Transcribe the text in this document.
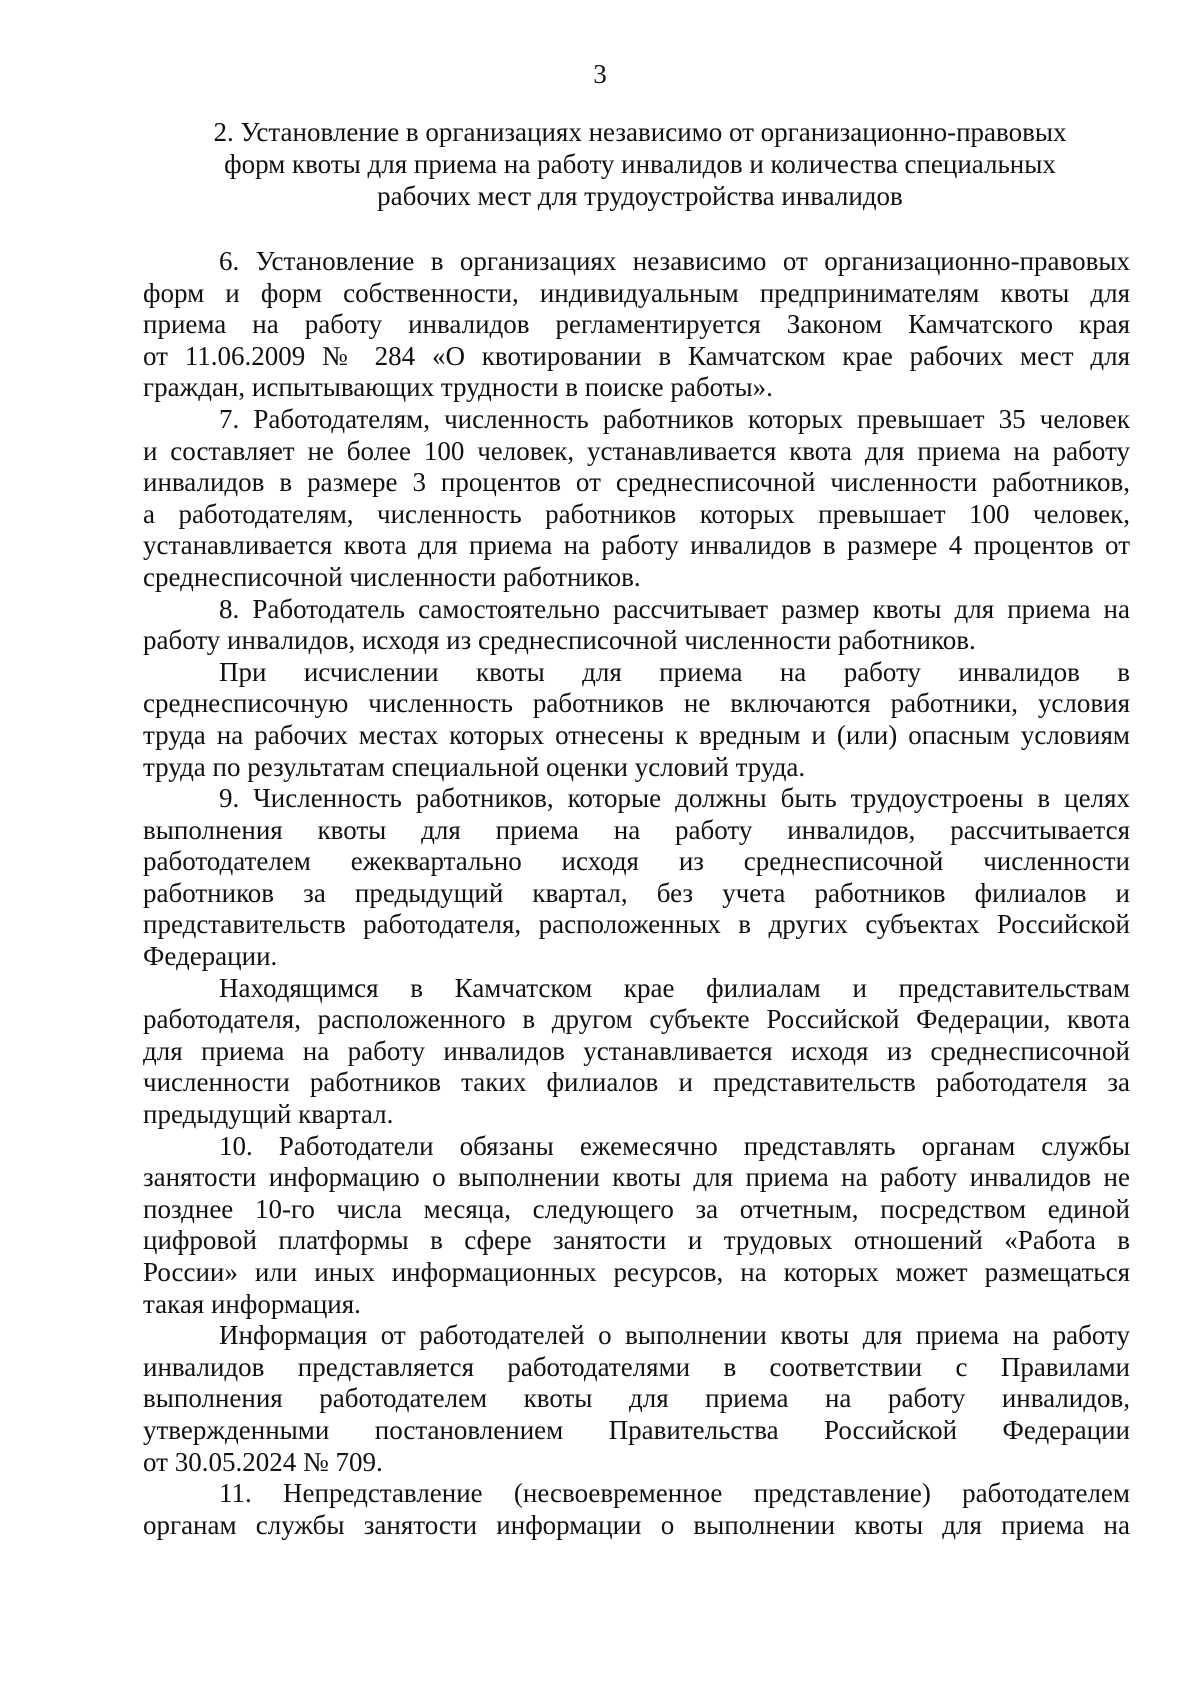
3
2. Установление в организациях независимо от организационно-правовых
форм квоты для приема на работу инвалидов и количества специальных
рабочих мест для трудоустройства инвалидов

6. Установление в организациях независимо от организационно-правовых
форм и форм собственности, индивидуальным предпринимателям квоты для
приема на работу инвалидов регламентируется Законом Камчатского края
от 11.06.2009 № 284 «О квотировании в Камчатском крае рабочих мест для
граждан, испытывающих трудности в поиске работы».

7. Работодателям, численность работников которых превышает 35 человек
и составляет не более 100 человек, устанавливается квота для приема на работу
инвалидов в размере 3 процентов от среднесписочной численности работников,
а работодателям, численность работников которых превышает 100 человек,
устанавливается квота для приема на работу инвалидов в размере 4 процентов от
среднесписочной численности работников.

8. Работодатель самостоятельно рассчитывает размер квоты для приема на
работу инвалидов, исходя из среднесписочной численности работников.

При исчислении квоты для приема на работу инвалидов в
среднесписочную численность работников не включаются работники, условия
труда на рабочих местах которых отнесены к вредным и (или) опасным условиям
труда по результатам специальной оценки условий труда.

9. Численность работников, которые должны быть трудоустроены в целях
выполнения квоты для приема на работу инвалидов, рассчитывается
работодателем ежеквартально исходя из среднесписочной численности
работников за предыдущий квартал, без учета работников филиалов и
представительств работодателя, расположенных в других субъектах Российской
Федерации.

Находящимся в Камчатском крае филиалам и представительствам
работодателя, расположенного в другом субъекте Российской Федерации, квота
для приема на работу инвалидов устанавливается исходя из среднесписочной
численности работников таких филиалов и представительств работодателя за
предыдущий квартал.

10. Работодатели обязаны ежемесячно представлять органам службы
занятости информацию о выполнении квоты для приема на работу инвалидов не
позднее 10-го числа месяца, следующего за отчетным, посредством единой
цифровой платформы в сфере занятости и трудовых отношений «Работа в
России» или иных информационных ресурсов, на которых может размещаться
такая информация.

Информация от работодателей о выполнении квоты для приема на работу
инвалидов представляется работодателями в соответствии с Правилами
выполнения работодателем квоты для приема на работу инвалидов,
утвержденными постановлением Правительства Российской Федерации
от 30.05.2024 № 709.

11. Непредставление (несвоевременное представление) работодателем
органам службы занятости информации о выполнении квоты для приема на
